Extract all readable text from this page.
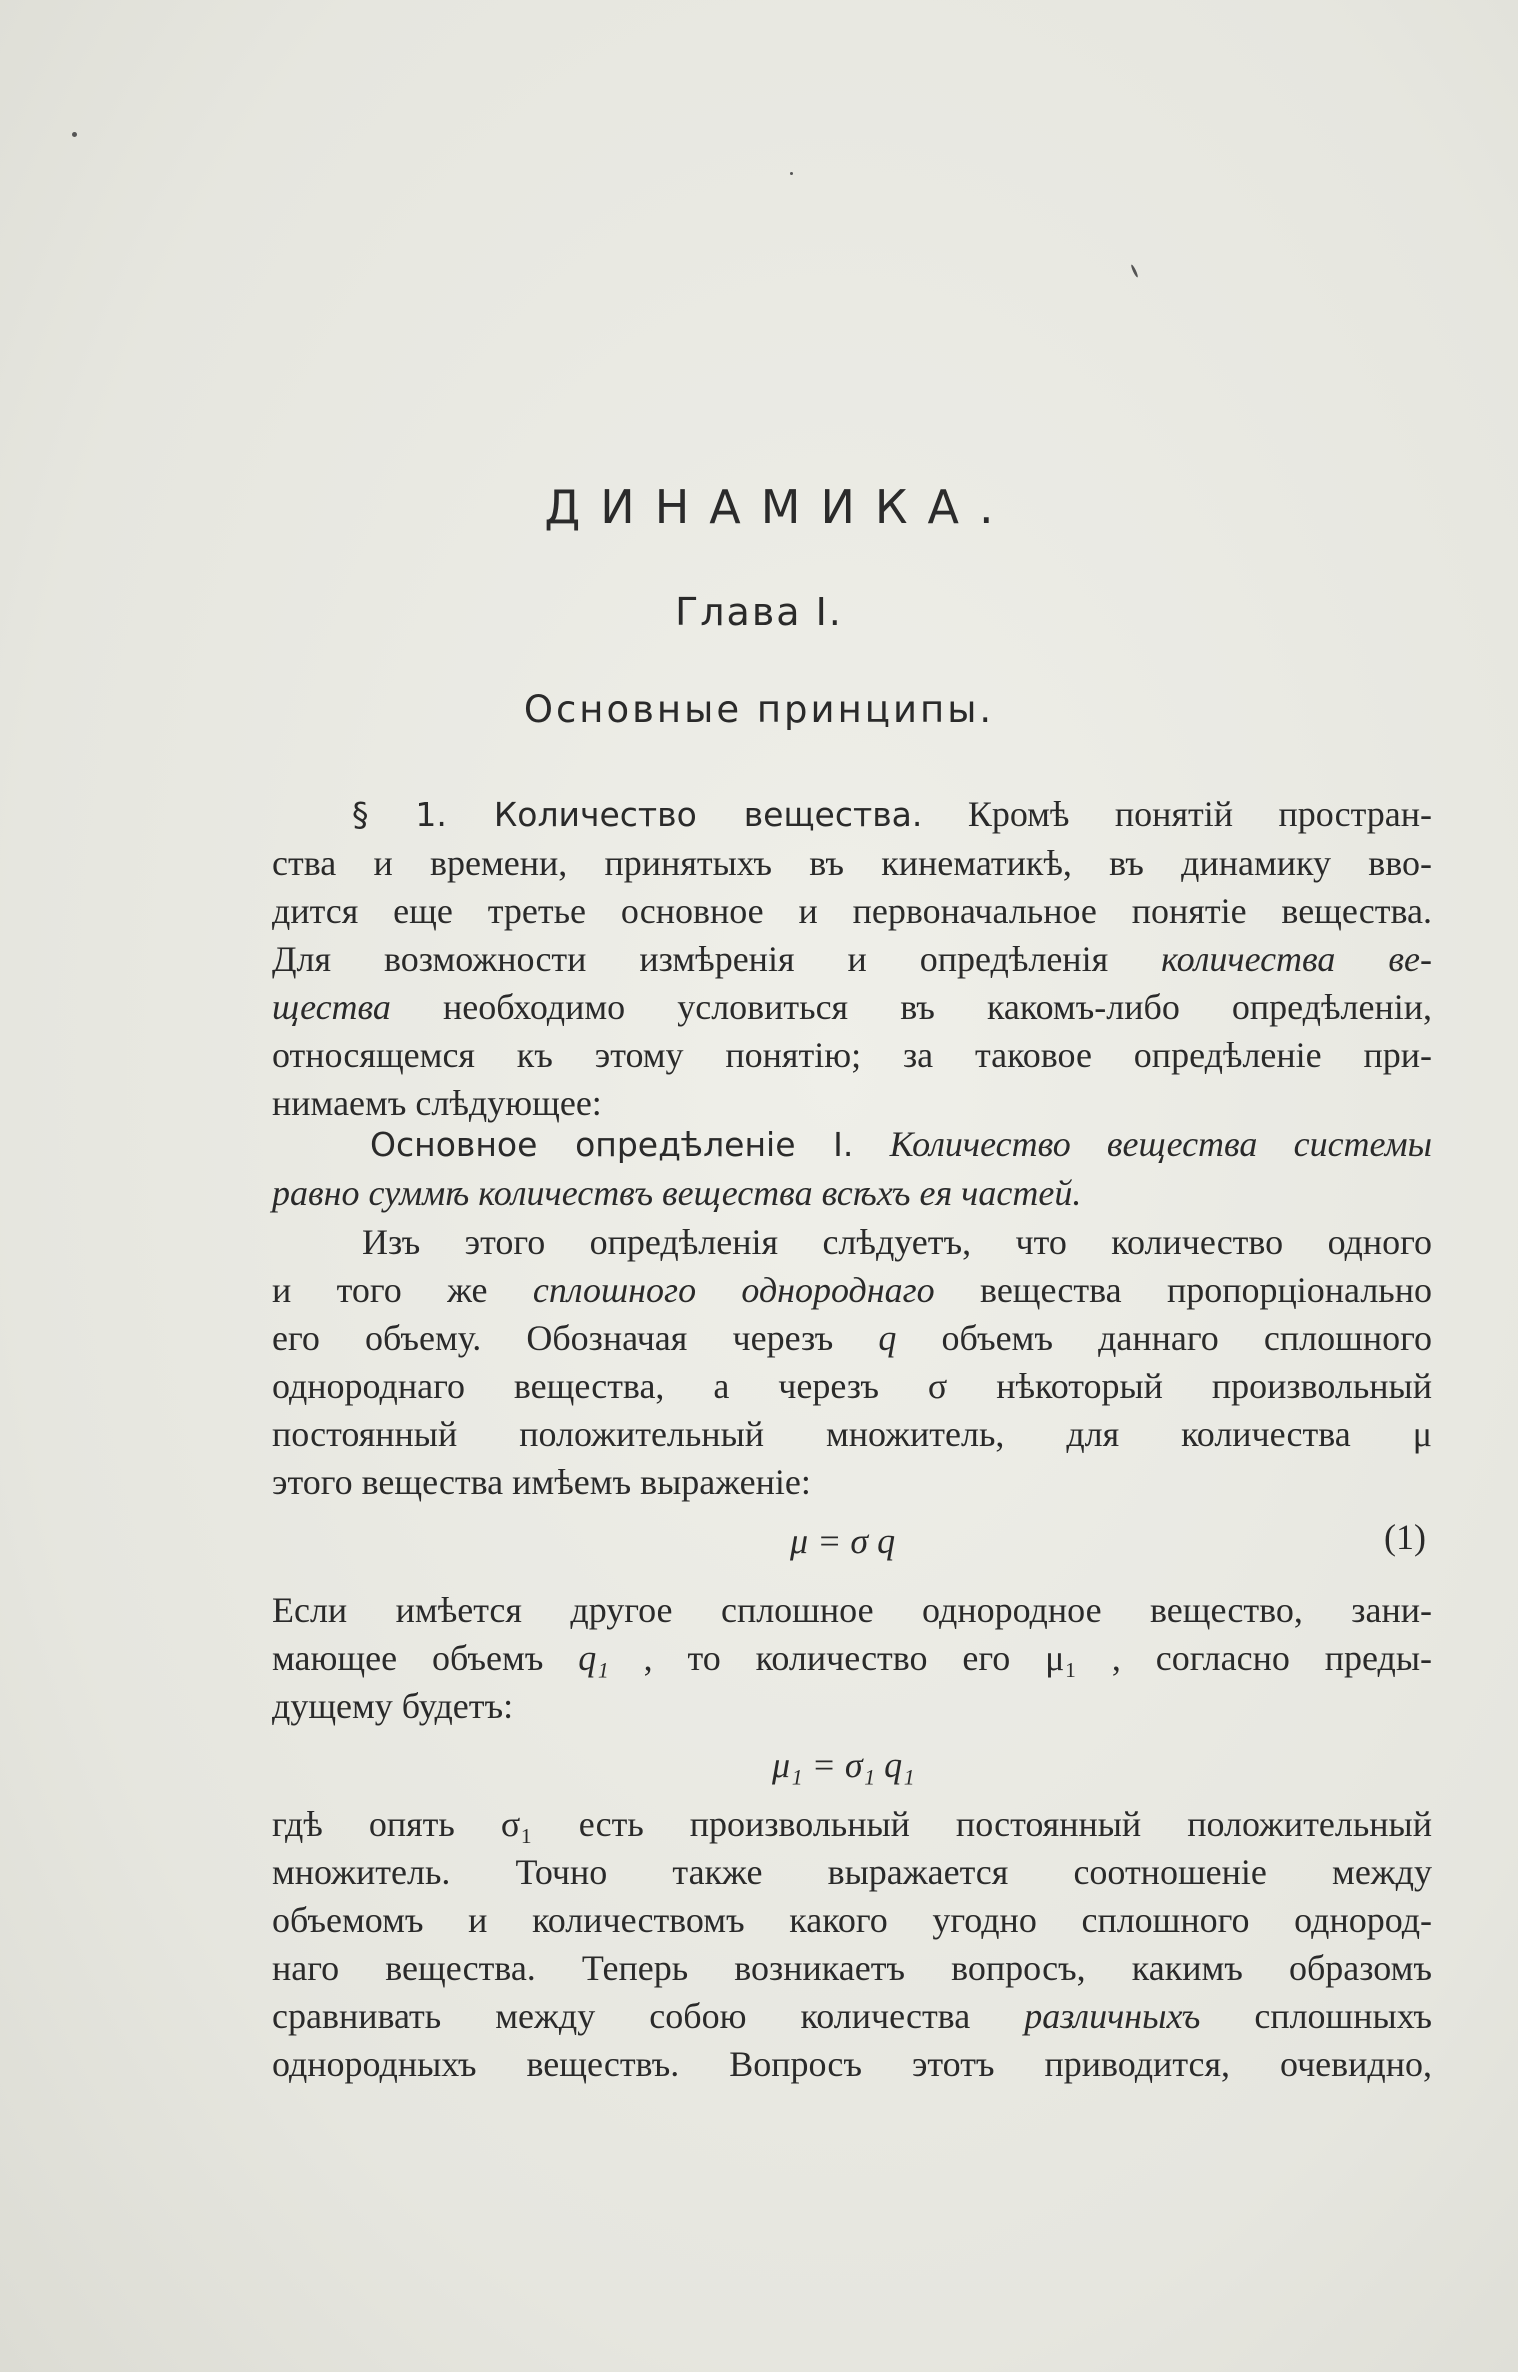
ДИНАМИКА.
Глава I.
Основные принципы.
§ 1. Количество вещества. Кромѣ понятій простран-
ства и времени, принятыхъ въ кинематикѣ, въ динамику вво-
дится еще третье основное и первоначальное понятіе вещества.
Для возможности измѣренія и опредѣленія количества ве-
щества необходимо условиться въ какомъ-либо опредѣленіи,
относящемся къ этому понятію; за таковое опредѣленіе при-
нимаемъ слѣдующее:
Основное опредѣленіе I. Количество вещества системы
равно суммѣ количествъ вещества всѣхъ ея частей.
Изъ этого опредѣленія слѣдуетъ, что количество одного
и того же сплошного однороднаго вещества пропорціонально
его объему. Обозначая черезъ q объемъ даннаго сплошного
однороднаго вещества, а черезъ σ нѣкоторый произвольный
постоянный положительный множитель, для количества μ
этого вещества имѣемъ выраженіе:
μ = σ q	(1)
Если имѣется другое сплошное однородное вещество, зани-
мающее объемъ q₁ , то количество его μ₁ , согласно преды-
дущему будетъ:
μ₁ = σ₁ q₁
гдѣ опять σ₁ есть произвольный постоянный положительный
множитель. Точно также выражается соотношеніе между
объемомъ и количествомъ какого угодно сплошного однород-
наго вещества. Теперь возникаетъ вопросъ, какимъ образомъ
сравнивать между собою количества различныхъ сплошныхъ
однородныхъ веществъ. Вопросъ этотъ приводится, очевидно,
